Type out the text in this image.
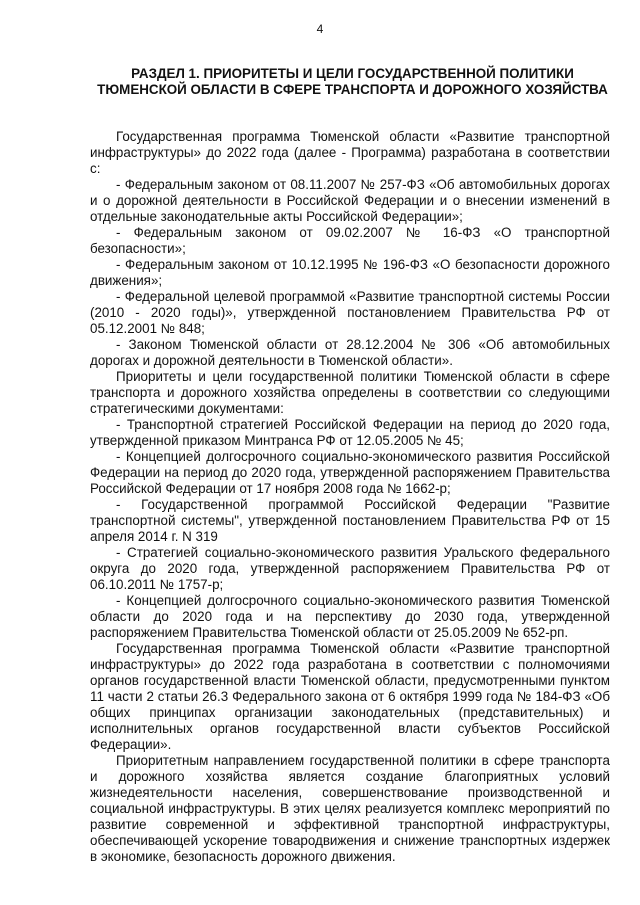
4
РАЗДЕЛ 1. ПРИОРИТЕТЫ И ЦЕЛИ ГОСУДАРСТВЕННОЙ ПОЛИТИКИ ТЮМЕНСКОЙ ОБЛАСТИ В СФЕРЕ ТРАНСПОРТА И ДОРОЖНОГО ХОЗЯЙСТВА

Государственная программа Тюменской области «Развитие транспортной инфраструктуры» до 2022 года (далее - Программа) разработана в соответствии с:

- Федеральным законом от 08.11.2007 № 257-ФЗ «Об автомобильных дорогах и о дорожной деятельности в Российской Федерации и о внесении изменений в отдельные законодательные акты Российской Федерации»;

- Федеральным законом от 09.02.2007 № 16-ФЗ «О транспортной безопасности»;

- Федеральным законом от 10.12.1995 № 196-ФЗ «О безопасности дорожного движения»;

- Федеральной целевой программой «Развитие транспортной системы России (2010 - 2020 годы)», утвержденной постановлением Правительства РФ от 05.12.2001 № 848;

- Законом Тюменской области от 28.12.2004 № 306 «Об автомобильных дорогах и дорожной деятельности в Тюменской области».

Приоритеты и цели государственной политики Тюменской области в сфере транспорта и дорожного хозяйства определены в соответствии со следующими стратегическими документами:

- Транспортной стратегией Российской Федерации на период до 2020 года, утвержденной приказом Минтранса РФ от 12.05.2005 № 45;

- Концепцией долгосрочного социально-экономического развития Российской Федерации на период до 2020 года, утвержденной распоряжением Правительства Российской Федерации от 17 ноября 2008 года № 1662-р;

- Государственной программой Российской Федерации "Развитие транспортной системы", утвержденной постановлением Правительства РФ от 15 апреля 2014 г. N 319

- Стратегией социально-экономического развития Уральского федерального округа до 2020 года, утвержденной распоряжением Правительства РФ от 06.10.2011 № 1757-р;

- Концепцией долгосрочного социально-экономического развития Тюменской области до 2020 года и на перспективу до 2030 года, утвержденной распоряжением Правительства Тюменской области от 25.05.2009 № 652-рп.

Государственная программа Тюменской области «Развитие транспортной инфраструктуры» до 2022 года разработана в соответствии с полномочиями органов государственной власти Тюменской области, предусмотренными пунктом 11 части 2 статьи 26.3 Федерального закона от 6 октября 1999 года № 184-ФЗ «Об общих принципах организации законодательных (представительных) и исполнительных органов государственной власти субъектов Российской Федерации».

Приоритетным направлением государственной политики в сфере транспорта и дорожного хозяйства является создание благоприятных условий жизнедеятельности населения, совершенствование производственной и социальной инфраструктуры. В этих целях реализуется комплекс мероприятий по развитие современной и эффективной транспортной инфраструктуры, обеспечивающей ускорение товародвижения и снижение транспортных издержек в экономике, безопасность дорожного движения.
